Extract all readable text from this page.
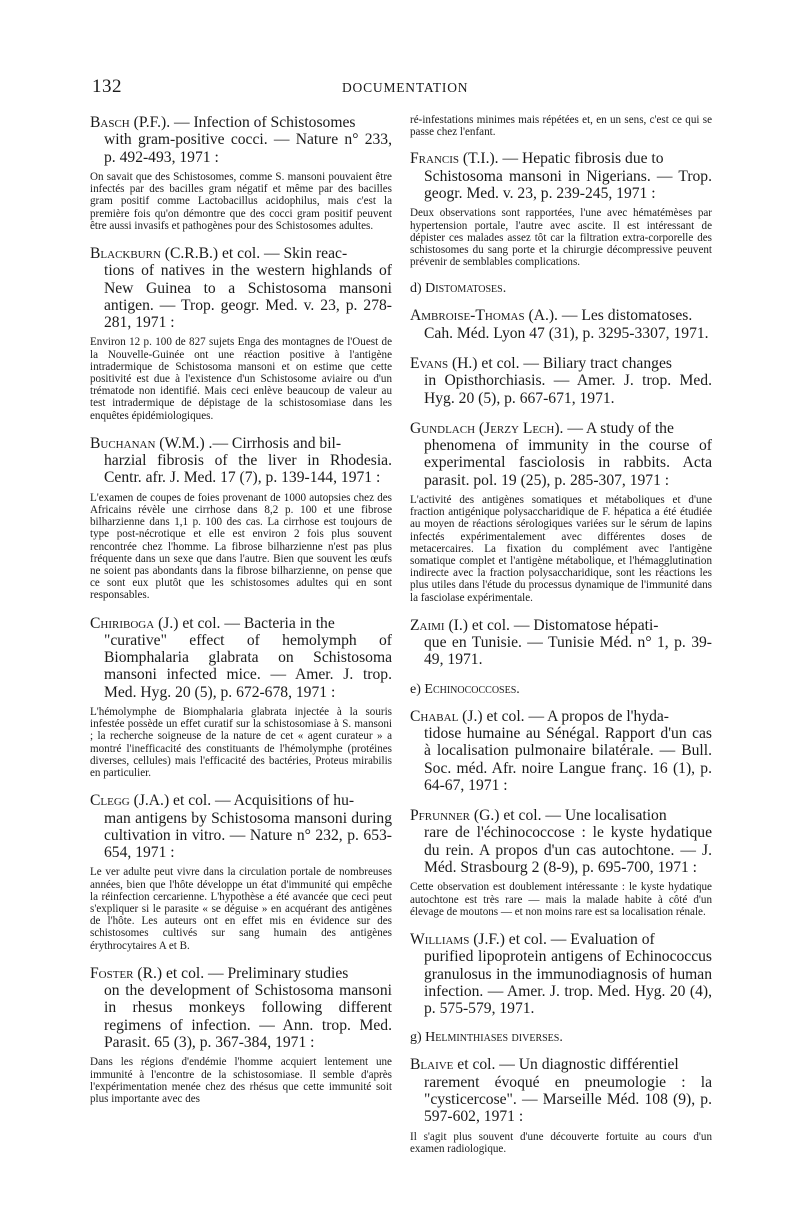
132	DOCUMENTATION

Basch (P.F.). — Infection of Schistosomes
with gram-positive cocci. — Nature n° 233, p. 492-493, 1971 :

On savait que des Schistosomes, comme S. mansoni pouvaient être infectés par des bacilles gram négatif et même par des bacilles gram positif comme Lactobacillus acidophilus, mais c'est la première fois qu'on démontre que des cocci gram positif peuvent être aussi invasifs et pathogènes pour des Schistosomes adultes.

Blackburn (C.R.B.) et col. — Skin reac-
tions of natives in the western highlands of New Guinea to a Schistosoma mansoni antigen. — Trop. geogr. Med. v. 23, p. 278-281, 1971 :

Environ 12 p. 100 de 827 sujets Enga des montagnes de l'Ouest de la Nouvelle-Guinée ont une réaction positive à l'antigène intradermique de Schistosoma mansoni et on estime que cette positivité est due à l'existence d'un Schistosome aviaire ou d'un trématode non identifié. Mais ceci enlève beaucoup de valeur au test intradermique de dépistage de la schistosomiase dans les enquêtes épidémiologiques.

Buchanan (W.M.) .— Cirrhosis and bil-
harzial fibrosis of the liver in Rhodesia. Centr. afr. J. Med. 17 (7), p. 139-144, 1971 :

L'examen de coupes de foies provenant de 1000 autopsies chez des Africains révèle une cirrhose dans 8,2 p. 100 et une fibrose bilharzienne dans 1,1 p. 100 des cas. La cirrhose est toujours de type post-nécrotique et elle est environ 2 fois plus souvent rencontrée chez l'homme. La fibrose bilharzienne n'est pas plus fréquente dans un sexe que dans l'autre. Bien que souvent les œufs ne soient pas abondants dans la fibrose bilharzienne, on pense que ce sont eux plutôt que les schistosomes adultes qui en sont responsables.

Chiriboga (J.) et col. — Bacteria in the
"curative" effect of hemolymph of Biomphalaria glabrata on Schistosoma mansoni infected mice. — Amer. J. trop. Med. Hyg. 20 (5), p. 672-678, 1971 :

L'hémolymphe de Biomphalaria glabrata injectée à la souris infestée possède un effet curatif sur la schistosomiase à S. mansoni ; la recherche soigneuse de la nature de cet « agent curateur » a montré l'inefficacité des constituants de l'hémolymphe (protéines diverses, cellules) mais l'efficacité des bactéries, Proteus mirabilis en particulier.

Clegg (J.A.) et col. — Acquisitions of hu-
man antigens by Schistosoma mansoni during cultivation in vitro. — Nature n° 232, p. 653-654, 1971 :

Le ver adulte peut vivre dans la circulation portale de nombreuses années, bien que l'hôte développe un état d'immunité qui empêche la réinfection cercarienne. L'hypothèse a été avancée que ceci peut s'expliquer si le parasite « se déguise » en acquérant des antigènes de l'hôte. Les auteurs ont en effet mis en évidence sur des schistosomes cultivés sur sang humain des antigènes érythrocytaires A et B.

Foster (R.) et col. — Preliminary studies
on the development of Schistosoma mansoni in rhesus monkeys following different regimens of infection. — Ann. trop. Med. Parasit. 65 (3), p. 367-384, 1971 :

Dans les régions d'endémie l'homme acquiert lentement une immunité à l'encontre de la schistosomiase. Il semble d'après l'expérimentation menée chez des rhésus que cette immunité soit plus importante avec des

ré-infestations minimes mais répétées et, en un sens, c'est ce qui se passe chez l'enfant.

Francis (T.I.). — Hepatic fibrosis due to
Schistosoma mansoni in Nigerians. — Trop. geogr. Med. v. 23, p. 239-245, 1971 :

Deux observations sont rapportées, l'une avec hématémèses par hypertension portale, l'autre avec ascite. Il est intéressant de dépister ces malades assez tôt car la filtration extra-corporelle des schistosomes du sang porte et la chirurgie décompressive peuvent prévenir de semblables complications.

d) Distomatoses.

Ambroise-Thomas (A.). — Les distomatoses.
Cah. Méd. Lyon 47 (31), p. 3295-3307, 1971.

Evans (H.) et col. — Biliary tract changes
in Opisthorchiasis. — Amer. J. trop. Med. Hyg. 20 (5), p. 667-671, 1971.

Gundlach (Jerzy Lech). — A study of the
phenomena of immunity in the course of experimental fasciolosis in rabbits. Acta parasit. pol. 19 (25), p. 285-307, 1971 :

L'activité des antigènes somatiques et métaboliques et d'une fraction antigénique polysaccharidique de F. hépatica a été étudiée au moyen de réactions sérologiques variées sur le sérum de lapins infectés expérimentalement avec différentes doses de metacercaires. La fixation du complément avec l'antigène somatique complet et l'antigène métabolique, et l'hémagglutination indirecte avec la fraction polysaccharidique, sont les réactions les plus utiles dans l'étude du processus dynamique de l'immunité dans la fasciolase expérimentale.

Zaimi (I.) et col. — Distomatose hépati-
que en Tunisie. — Tunisie Méd. n° 1, p. 39-49, 1971.

e) Echinococcoses.

Chabal (J.) et col. — A propos de l'hyda-
tidose humaine au Sénégal. Rapport d'un cas à localisation pulmonaire bilatérale. — Bull. Soc. méd. Afr. noire Langue franç. 16 (1), p. 64-67, 1971 :

Pfrunner (G.) et col. — Une localisation
rare de l'échinococcose : le kyste hydatique du rein. A propos d'un cas autochtone. — J. Méd. Strasbourg 2 (8-9), p. 695-700, 1971 :

Cette observation est doublement intéressante : le kyste hydatique autochtone est très rare — mais la malade habite à côté d'un élevage de moutons — et non moins rare est sa localisation rénale.

Williams (J.F.) et col. — Evaluation of
purified lipoprotein antigens of Echinococcus granulosus in the immunodiagnosis of human infection. — Amer. J. trop. Med. Hyg. 20 (4), p. 575-579, 1971.

g) Helminthiases diverses.

Blaive et col. — Un diagnostic différentiel
rarement évoqué en pneumologie : la "cysticercose". — Marseille Méd. 108 (9), p. 597-602, 1971 :

Il s'agit plus souvent d'une découverte fortuite au cours d'un examen radiologique.
